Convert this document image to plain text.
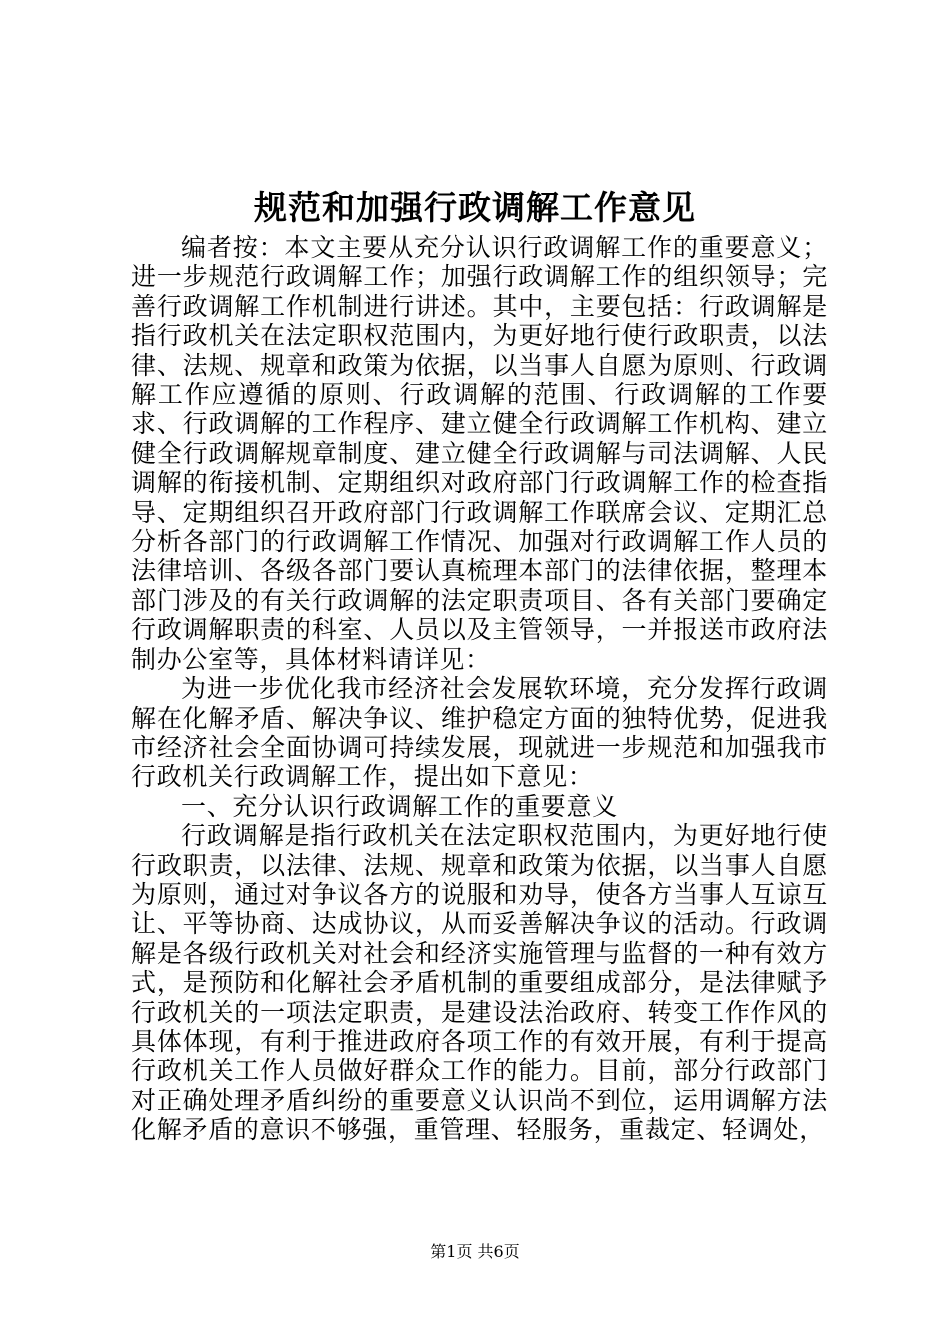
规范和加强行政调解工作意见

编者按：本文主要从充分认识行政调解工作的重要意义；进一步规范行政调解工作；加强行政调解工作的组织领导；完善行政调解工作机制进行讲述。其中，主要包括：行政调解是指行政机关在法定职权范围内，为更好地行使行政职责，以法律、法规、规章和政策为依据，以当事人自愿为原则、行政调解工作应遵循的原则、行政调解的范围、行政调解的工作要求、行政调解的工作程序、建立健全行政调解工作机构、建立健全行政调解规章制度、建立健全行政调解与司法调解、人民调解的衔接机制、定期组织对政府部门行政调解工作的检查指导、定期组织召开政府部门行政调解工作联席会议、定期汇总分析各部门的行政调解工作情况、加强对行政调解工作人员的法律培训、各级各部门要认真梳理本部门的法律依据，整理本部门涉及的有关行政调解的法定职责项目、各有关部门要确定行政调解职责的科室、人员以及主管领导，一并报送市政府法制办公室等，具体材料请详见：

为进一步优化我市经济社会发展软环境，充分发挥行政调解在化解矛盾、解决争议、维护稳定方面的独特优势，促进我市经济社会全面协调可持续发展，现就进一步规范和加强我市行政机关行政调解工作，提出如下意见：

一、充分认识行政调解工作的重要意义

行政调解是指行政机关在法定职权范围内，为更好地行使行政职责，以法律、法规、规章和政策为依据，以当事人自愿为原则，通过对争议各方的说服和劝导，使各方当事人互谅互让、平等协商、达成协议，从而妥善解决争议的活动。行政调解是各级行政机关对社会和经济实施管理与监督的一种有效方式，是预防和化解社会矛盾机制的重要组成部分，是法律赋予行政机关的一项法定职责，是建设法治政府、转变工作作风的具体体现，有利于推进政府各项工作的有效开展，有利于提高行政机关工作人员做好群众工作的能力。目前，部分行政部门对正确处理矛盾纠纷的重要意义认识尚不到位，运用调解方法化解矛盾的意识不够强，重管理、轻服务，重裁定、轻调处，

第1页 共6页
